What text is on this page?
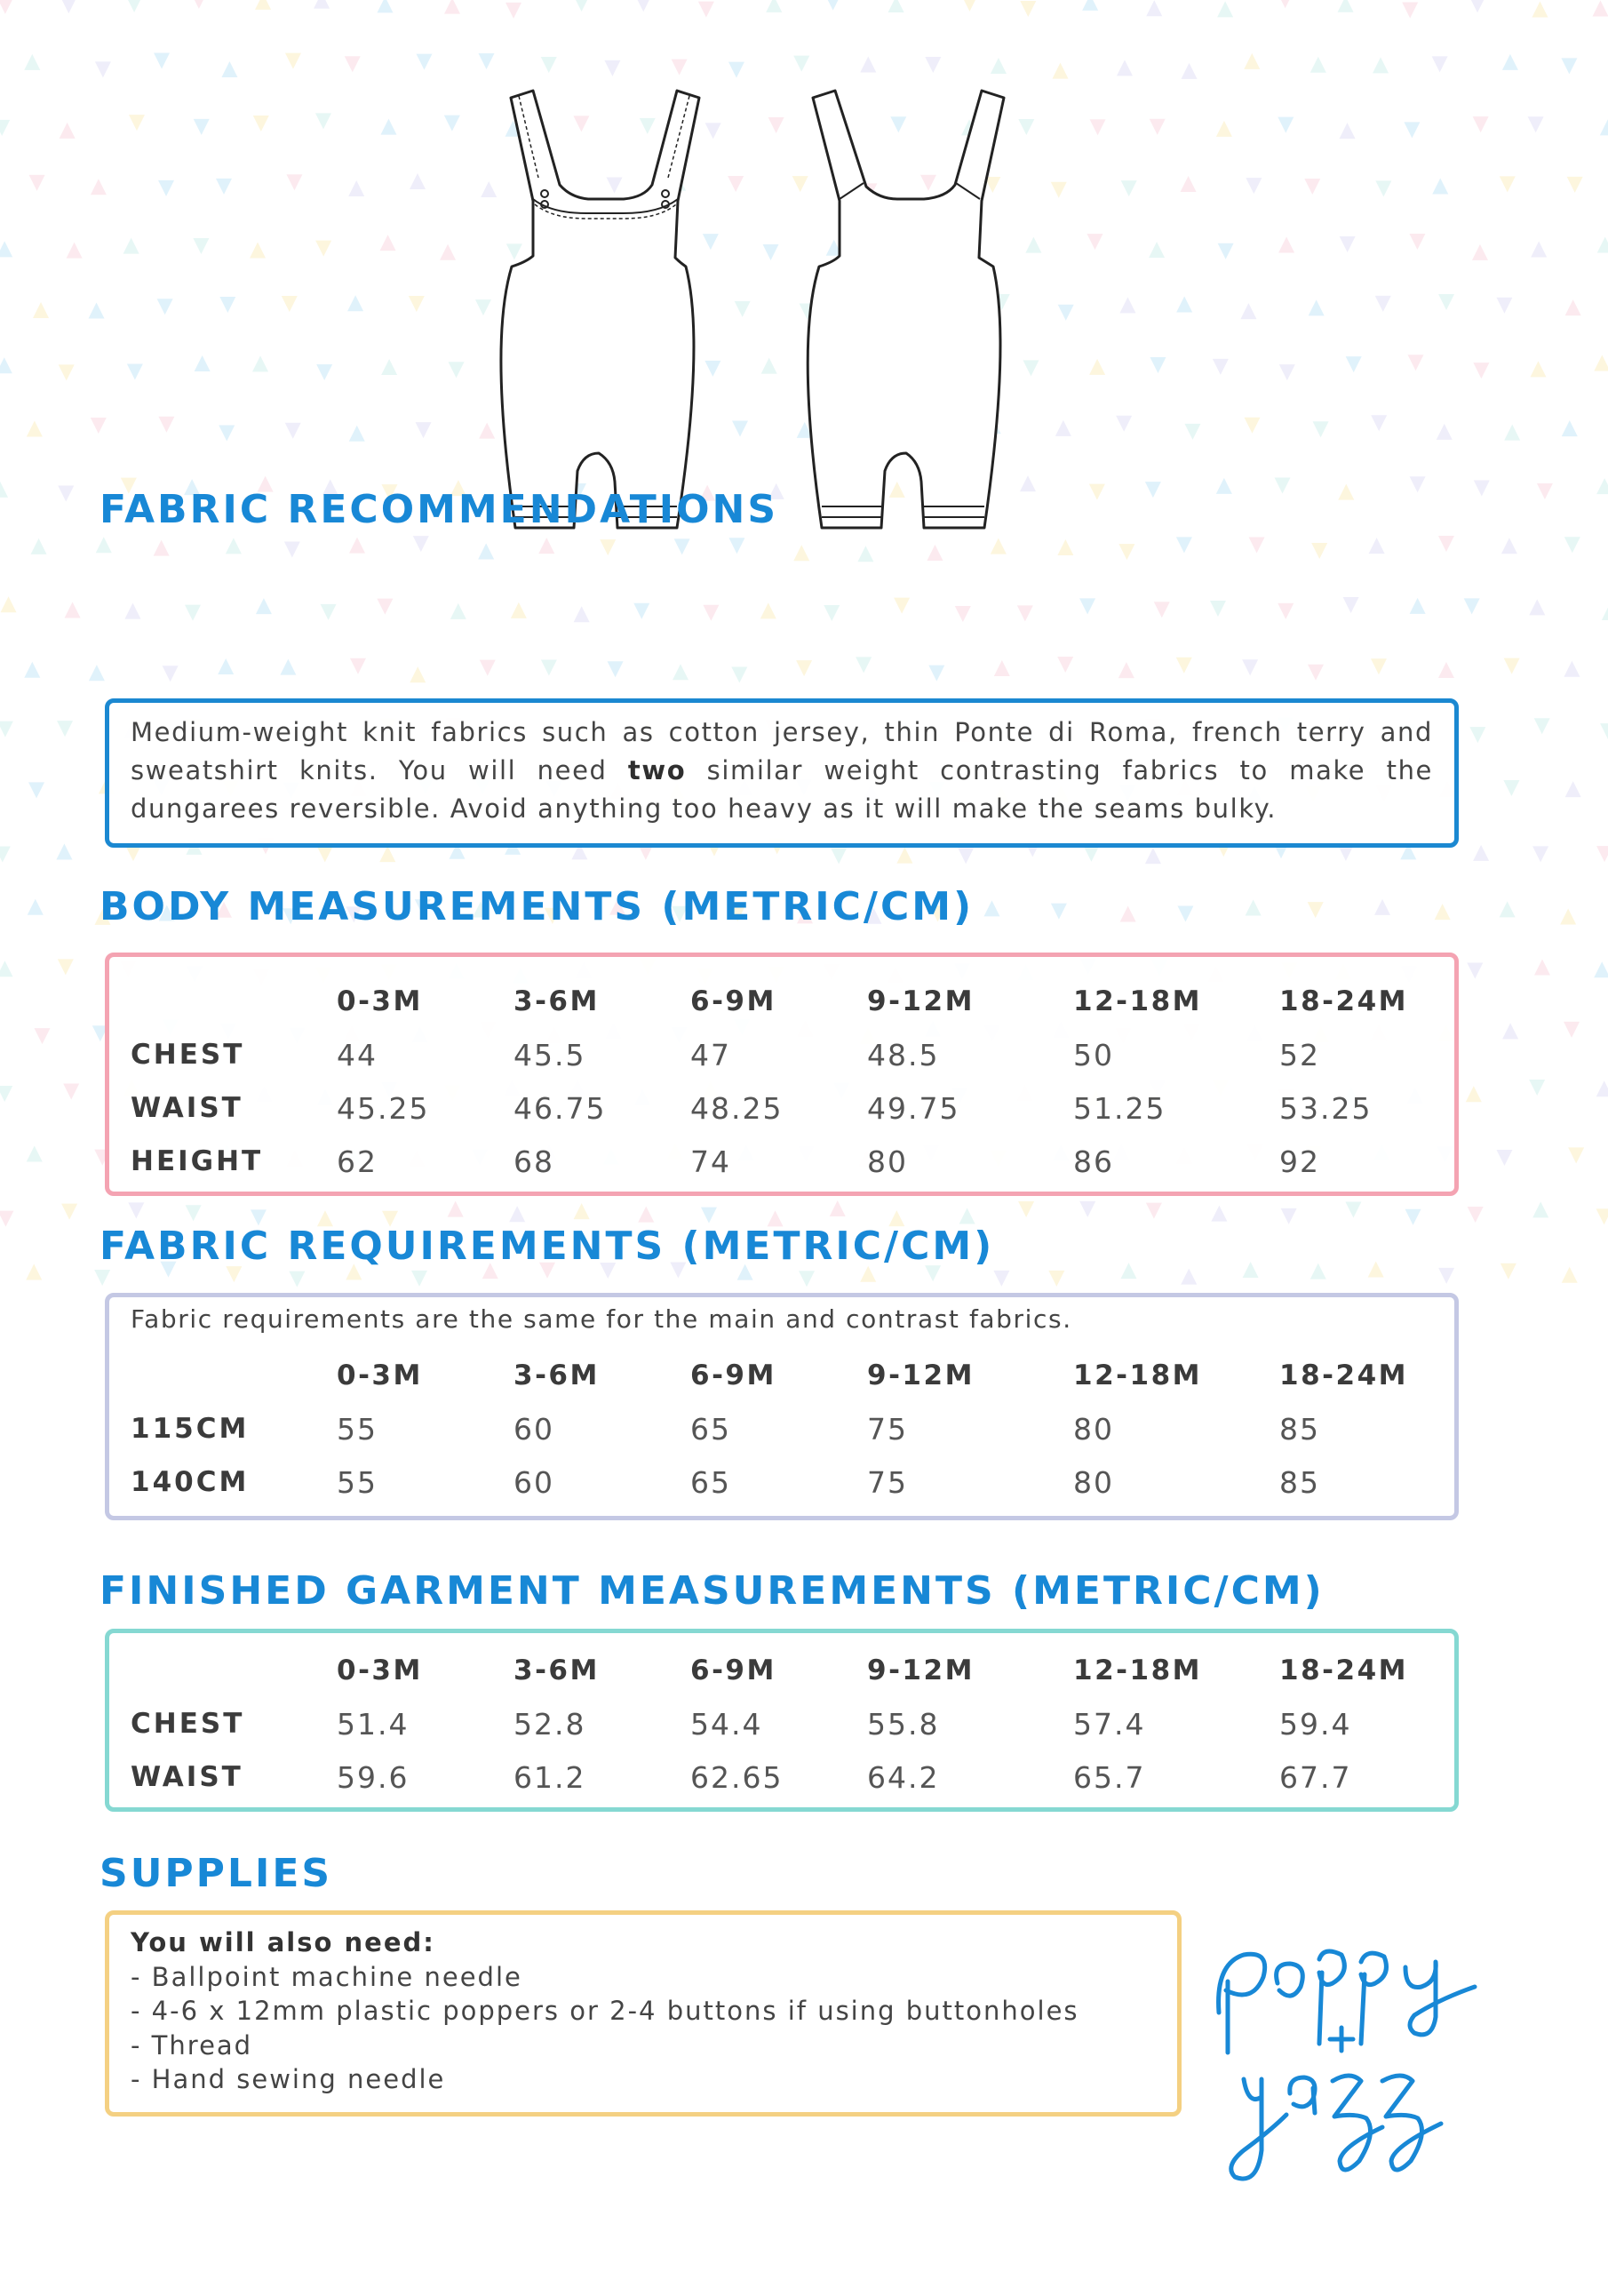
FABRIC RECOMMENDATIONS

Medium-weight knit fabrics such as cotton jersey, thin Ponte di Roma, french terry and sweatshirt knits. You will need two similar weight contrasting fabrics to make the dungarees reversible. Avoid anything too heavy as it will make the seams bulky.

BODY MEASUREMENTS (METRIC/CM)
	0-3M	3-6M	6-9M	9-12M	12-18M	18-24M
CHEST	44	45.5	47	48.5	50	52
WAIST	45.25	46.75	48.25	49.75	51.25	53.25
HEIGHT	62	68	74	80	86	92
FABRIC REQUIREMENTS (METRIC/CM)

Fabric requirements are the same for the main and contrast fabrics.

	0-3M	3-6M	6-9M	9-12M	12-18M	18-24M
115CM	55	60	65	75	80	85
140CM	55	60	65	75	80	85
FINISHED GARMENT MEASUREMENTS (METRIC/CM)
	0-3M	3-6M	6-9M	9-12M	12-18M	18-24M
CHEST	51.4	52.8	54.4	55.8	57.4	59.4
WAIST	59.6	61.2	62.65	64.2	65.7	67.7
SUPPLIES
You will also need:
- Ballpoint machine needle
- 4-6 x 12mm plastic poppers or 2-4 buttons if using buttonholes
- Thread
- Hand sewing needle
